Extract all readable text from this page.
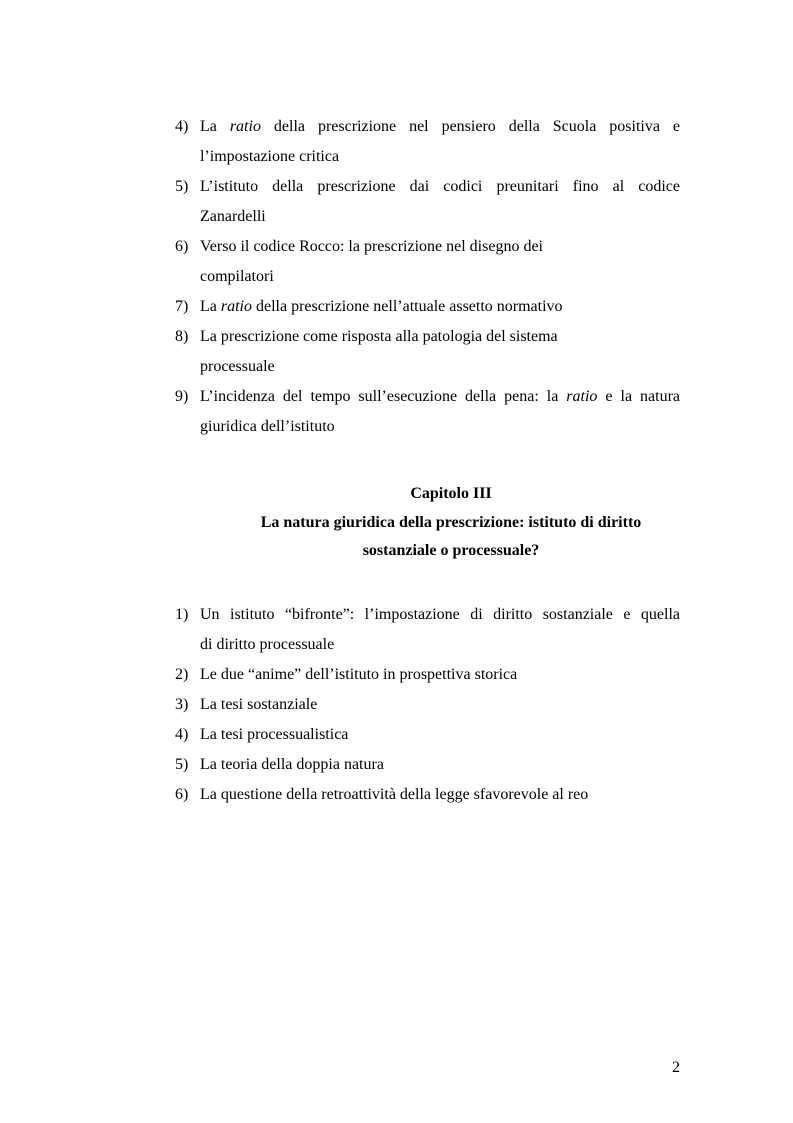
4) La ratio della prescrizione nel pensiero della Scuola positiva e
l’impostazione critica
5) L’istituto della prescrizione dai codici preunitari fino al codice
Zanardelli
6) Verso il codice Rocco: la prescrizione nel disegno dei
compilatori
7) La ratio della prescrizione nell’attuale assetto normativo
8) La prescrizione come risposta alla patologia del sistema
processuale
9) L’incidenza del tempo sull’esecuzione della pena: la ratio e la natura
giuridica dell’istituto
Capitolo III
La natura giuridica della prescrizione: istituto di diritto
sostanziale o processuale?
1) Un istituto “bifronte”: l’impostazione di diritto sostanziale e quella
di diritto processuale
2) Le due “anime” dell’istituto in prospettiva storica
3) La tesi sostanziale
4) La tesi processualistica
5) La teoria della doppia natura
6) La questione della retroattività della legge sfavorevole al reo
2
